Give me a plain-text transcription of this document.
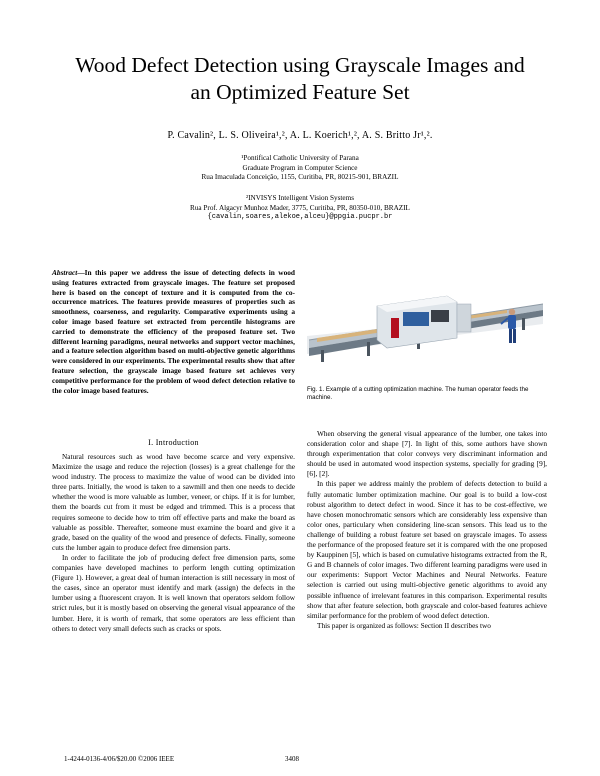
Wood Defect Detection using Grayscale Images and
an Optimized Feature Set
P. Cavalin², L. S. Oliveira¹,², A. L. Koerich¹,², A. S. Britto Jr¹,².
¹Pontifical Catholic University of Parana
Graduate Program in Computer Science
Rua Imaculada Conceição, 1155, Curitiba, PR, 80215-901, BRAZIL
²INVISYS Intelligent Vision Systems
Rua Prof. Algacyr Munhoz Mader, 3775, Curitiba, PR, 80350-010, BRAZIL
{cavalin,soares,alekoe,alceu}@ppgia.pucpr.br
Abstract—In this paper we address the issue of detecting defects in wood using features extracted from grayscale images. The feature set proposed here is based on the concept of texture and it is computed from the co-occurrence matrices. The features provide measures of properties such as smoothness, coarseness, and regularity. Comparative experiments using a color image based feature set extracted from percentile histograms are carried to demonstrate the efficiency of the proposed feature set. Two different learning paradigms, neural networks and support vector machines, and a feature selection algorithm based on multi-objective genetic algorithms were considered in our experiments. The experimental results show that after feature selection, the grayscale image based feature set achieves very competitive performance for the problem of wood defect detection relative to the color image based features.	Fig. 1. Example of a cutting optimization machine. The human operator feeds the machine.
I. Introduction

Natural resources such as wood have become scarce and very expensive. Maximize the usage and reduce the rejection (losses) is a great challenge for the wood industry. The process to maximize the value of wood can be divided into three parts. Initially, the wood is taken to a sawmill and then one needs to decide whether the wood is more valuable as lumber, veneer, or chips. If it is for lumber, them the boards cut from it must be edged and trimmed. This is a process that requires someone to decide how to trim off effective parts and make the board as valuable as possible. Thereafter, someone must examine the board and give it a grade, based on the quality of the wood and presence of defects. Finally, someone cuts the lumber again to produce defect free dimension parts.

In order to facilitate the job of producing defect free dimension parts, some companies have developed machines to perform length cutting optimization (Figure 1). However, a great deal of human interaction is still necessary in most of the cases, since an operator must identify and mark (assign) the defects in the lumber using a fluorescent crayon. It is well known that operators seldom follow strict rules, but it is mostly based on observing the general visual appearance of the lumber. Here, it is worth of remark, that some operators are less efficient than others to detect very small defects such as cracks or spots.

When observing the general visual appearance of the lumber, one takes into consideration color and shape [7]. In light of this, some authors have shown through experimentation that color conveys very discriminant information and should be used in automated wood inspection systems, specially for grading [9], [6], [2].

In this paper we address mainly the problem of defects detection to build a fully automatic lumber optimization machine. Our goal is to build a low-cost robust algorithm to detect defect in wood. Since it has to be cost-effective, we have chosen monochromatic sensors which are considerably less expensive than color ones, particulary when considering line-scan sensors. This lead us to the challenge of building a robust feature set based on grayscale images. To assess the performance of the proposed feature set it is compared with the one proposed by Kauppinen [5], which is based on cumulative histograms extracted from the R, G and B channels of color images. Two different learning paradigms were used in our experiments: Support Vector Machines and Neural Networks. Feature selection is carried out using multi-objective genetic algorithms to avoid any possible influence of irrelevant features in this comparison. Experimental results show that after feature selection, both grayscale and color-based features achieve similar performance for the problem of wood defect detection.

This paper is organized as follows: Section II describes two

1-4244-0136-4/06/$20.00 ©2006 IEEE	3408
